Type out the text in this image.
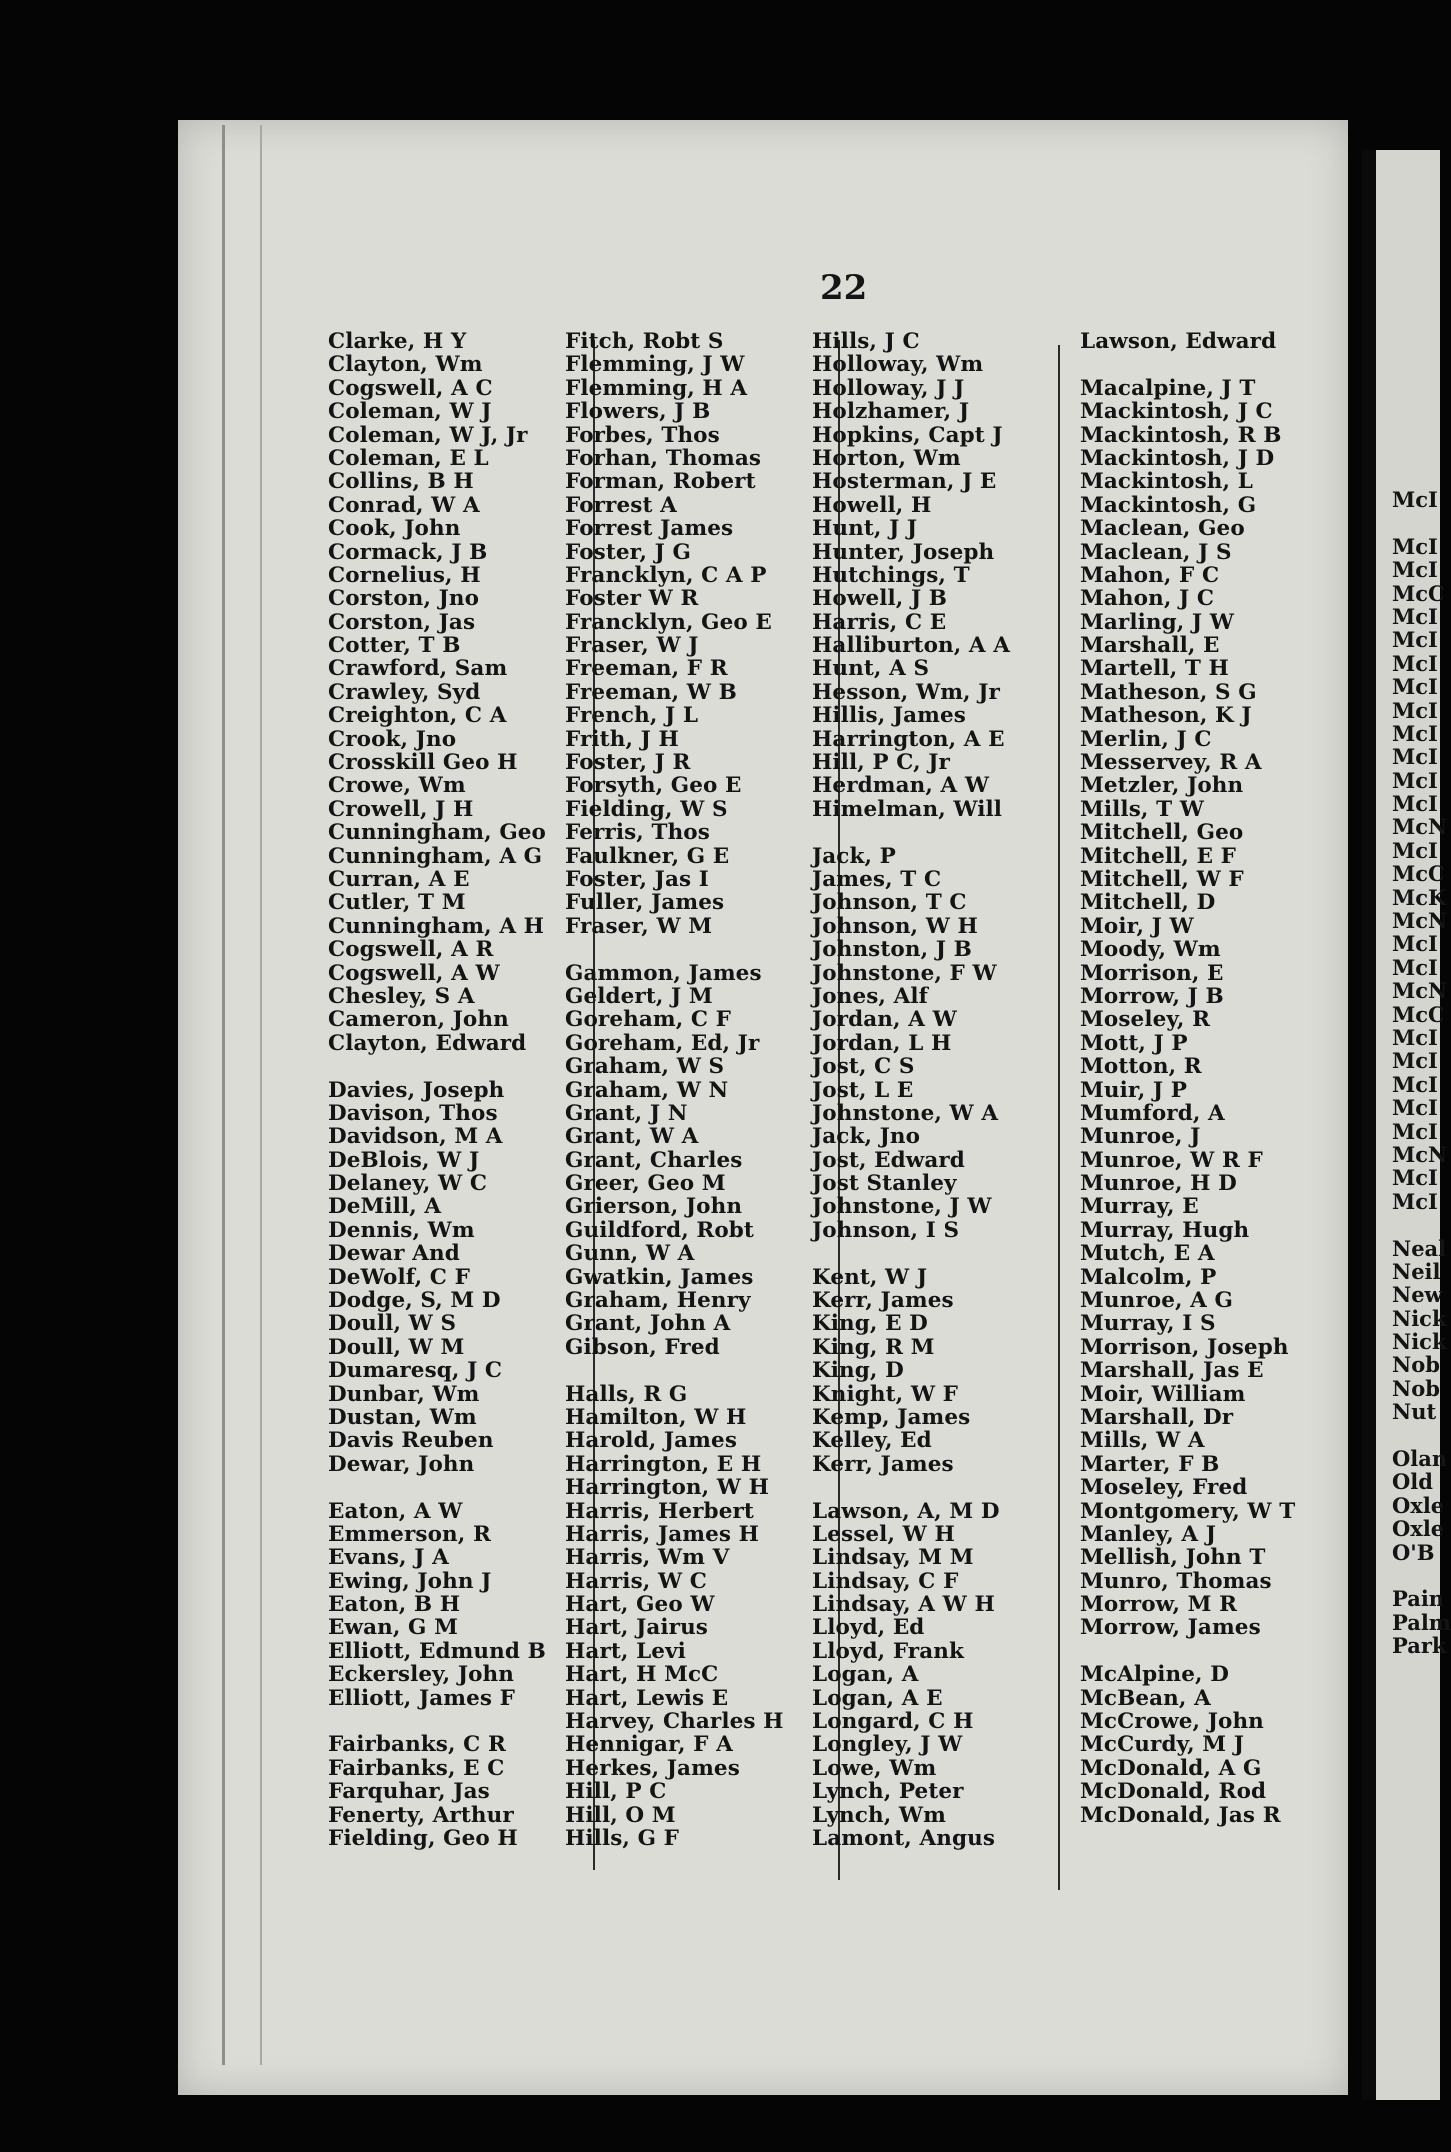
22
Clarke, H Y
Clayton, Wm
Cogswell, A C
Coleman, W J
Coleman, W J, Jr
Coleman, E L
Collins, B H
Conrad, W A
Cook, John
Cormack, J B
Cornelius, H
Corston, Jno
Corston, Jas
Cotter, T B
Crawford, Sam
Crawley, Syd
Creighton, C A
Crook, Jno
Crosskill Geo H
Crowe, Wm
Crowell, J H
Cunningham, Geo
Cunningham, A G
Curran, A E
Cutler, T M
Cunningham, A H
Cogswell, A R
Cogswell, A W
Chesley, S A
Cameron, John
Clayton, Edward
Davies, Joseph
Davison, Thos
Davidson, M A
DeBlois, W J
Delaney, W C
DeMill, A
Dennis, Wm
Dewar And
DeWolf, C F
Dodge, S, M D
Doull, W S
Doull, W M
Dumaresq, J C
Dunbar, Wm
Dustan, Wm
Davis Reuben
Dewar, John
Eaton, A W
Emmerson, R
Evans, J A
Ewing, John J
Eaton, B H
Ewan, G M
Elliott, Edmund B
Eckersley, John
Elliott, James F
Fairbanks, C R
Fairbanks, E C
Farquhar, Jas
Fenerty, Arthur
Fielding, Geo H
Fitch, Robt S
Flemming, J W
Flemming, H A
Flowers, J B
Forbes, Thos
Forhan, Thomas
Forman, Robert
Forrest A
Forrest James
Foster, J G
Francklyn, C A P
Foster W R
Francklyn, Geo E
Fraser, W J
Freeman, F R
Freeman, W B
French, J L
Frith, J H
Foster, J R
Forsyth, Geo E
Fielding, W S
Ferris, Thos
Faulkner, G E
Foster, Jas I
Fuller, James
Fraser, W M
Gammon, James
Geldert, J M
Goreham, C F
Goreham, Ed, Jr
Graham, W S
Graham, W N
Grant, J N
Grant, W A
Grant, Charles
Greer, Geo M
Grierson, John
Guildford, Robt
Gunn, W A
Gwatkin, James
Graham, Henry
Grant, John A
Gibson, Fred
Halls, R G
Hamilton, W H
Harold, James
Harrington, E H
Harrington, W H
Harris, Herbert
Harris, James H
Harris, Wm V
Harris, W C
Hart, Geo W
Hart, Jairus
Hart, Levi
Hart, H McC
Hart, Lewis E
Harvey, Charles H
Hennigar, F A
Herkes, James
Hill, P C
Hill, O M
Hills, G F
Hills, J C
Holloway, Wm
Holloway, J J
Holzhamer, J
Hopkins, Capt J
Horton, Wm
Hosterman, J E
Howell, H
Hunt, J J
Hunter, Joseph
Hutchings, T
Howell, J B
Harris, C E
Halliburton, A A
Hunt, A S
Hesson, Wm, Jr
Hillis, James
Harrington, A E
Hill, P C, Jr
Herdman, A W
Himelman, Will
Jack, P
James, T C
Johnson, T C
Johnson, W H
Johnston, J B
Johnstone, F W
Jones, Alf
Jordan, A W
Jordan, L H
Jost, C S
Jost, L E
Johnstone, W A
Jack, Jno
Jost, Edward
Jost Stanley
Johnstone, J W
Johnson, I S
Kent, W J
Kerr, James
King, E D
King, R M
King, D
Knight, W F
Kemp, James
Kelley, Ed
Kerr, James
Lawson, A, M D
Lessel, W H
Lindsay, M M
Lindsay, C F
Lindsay, A W H
Lloyd, Ed
Lloyd, Frank
Logan, A
Logan, A E
Longard, C H
Longley, J W
Lowe, Wm
Lynch, Peter
Lynch, Wm
Lamont, Angus
Lawson, Edward
Macalpine, J T
Mackintosh, J C
Mackintosh, R B
Mackintosh, J D
Mackintosh, L
Mackintosh, G
Maclean, Geo
Maclean, J S
Mahon, F C
Mahon, J C
Marling, J W
Marshall, E
Martell, T H
Matheson, S G
Matheson, K J
Merlin, J C
Messervey, R A
Metzler, John
Mills, T W
Mitchell, Geo
Mitchell, E F
Mitchell, W F
Mitchell, D
Moir, J W
Moody, Wm
Morrison, E
Morrow, J B
Moseley, R
Mott, J P
Motton, R
Muir, J P
Mumford, A
Munroe, J
Munroe, W R F
Munroe, H D
Murray, E
Murray, Hugh
Mutch, E A
Malcolm, P
Munroe, A G
Murray, I S
Morrison, Joseph
Marshall, Jas E
Moir, William
Marshall, Dr
Mills, W A
Marter, F B
Moseley, Fred
Montgomery, W T
Manley, A J
Mellish, John T
Munro, Thomas
Morrow, M R
Morrow, James
McAlpine, D
McBean, A
McCrowe, John
McCurdy, M J
McDonald, A G
McDonald, Rod
McDonald, Jas R
McI
McI
McI
McC
McI
McI
McI
McI
McI
McI
McI
McI
McI
McN
McI
McC
McK
McN
McI
McI
McN
McC
McI
McI
McI
McI
McI
McN
McI
McI
Neal
Neil
New
Nick
Nick
Nob
Nob
Nut
Olan
Old
Oxle
Oxle
O'B
Pain
Palm
Park
